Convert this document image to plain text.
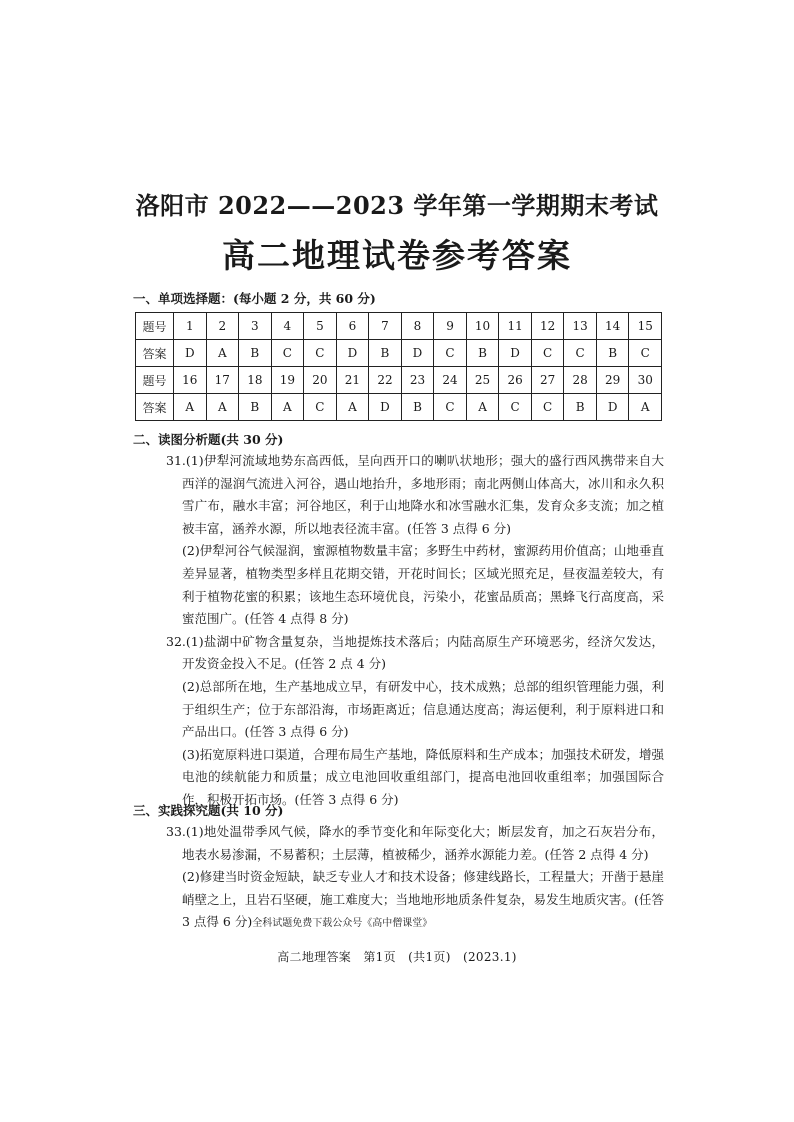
洛阳市 2022——2023 学年第一学期期末考试
高二地理试卷参考答案
一、单项选择题：(每小题 2 分，共 60 分)
题号	1	2	3	4	5	6	7	8	9	10	11	12	13	14	15
答案	D	A	B	C	C	D	B	D	C	B	D	C	C	B	C
题号	16	17	18	19	20	21	22	23	24	25	26	27	28	29	30
答案	A	A	B	A	C	A	D	B	C	A	C	C	B	D	A
二、读图分析题(共 30 分)

31.(1)伊犁河流域地势东高西低，呈向西开口的喇叭状地形；强大的盛行西风携带来自大西洋的湿润气流进入河谷，遇山地抬升，多地形雨；南北两侧山体高大，冰川和永久积雪广布，融水丰富；河谷地区，利于山地降水和冰雪融水汇集，发育众多支流；加之植被丰富，涵养水源，所以地表径流丰富。(任答 3 点得 6 分)

(2)伊犁河谷气候湿润，蜜源植物数量丰富；多野生中药材，蜜源药用价值高；山地垂直差异显著，植物类型多样且花期交错，开花时间长；区域光照充足，昼夜温差较大，有利于植物花蜜的积累；该地生态环境优良，污染小，花蜜品质高；黑蜂飞行高度高，采蜜范围广。(任答 4 点得 8 分)

32.(1)盐湖中矿物含量复杂，当地提炼技术落后；内陆高原生产环境恶劣，经济欠发达，开发资金投入不足。(任答 2 点 4 分)

(2)总部所在地，生产基地成立早，有研发中心，技术成熟；总部的组织管理能力强，利于组织生产；位于东部沿海，市场距离近；信息通达度高；海运便利，利于原料进口和产品出口。(任答 3 点得 6 分)

(3)拓宽原料进口渠道，合理布局生产基地，降低原料和生产成本；加强技术研发，增强电池的续航能力和质量；成立电池回收重组部门，提高电池回收重组率；加强国际合作，积极开拓市场。(任答 3 点得 6 分)

三、实践探究题(共 10 分)

33.(1)地处温带季风气候，降水的季节变化和年际变化大；断层发育，加之石灰岩分布，地表水易渗漏，不易蓄积；土层薄，植被稀少，涵养水源能力差。(任答 2 点得 4 分)

(2)修建当时资金短缺，缺乏专业人才和技术设备；修建线路长，工程量大；开凿于悬崖峭壁之上，且岩石坚硬，施工难度大；当地地形地质条件复杂，易发生地质灾害。(任答 3 点得 6 分)全科试题免费下载公众号《高中僧课堂》

高二地理答案　第1页　(共1页)　(2023.1)
